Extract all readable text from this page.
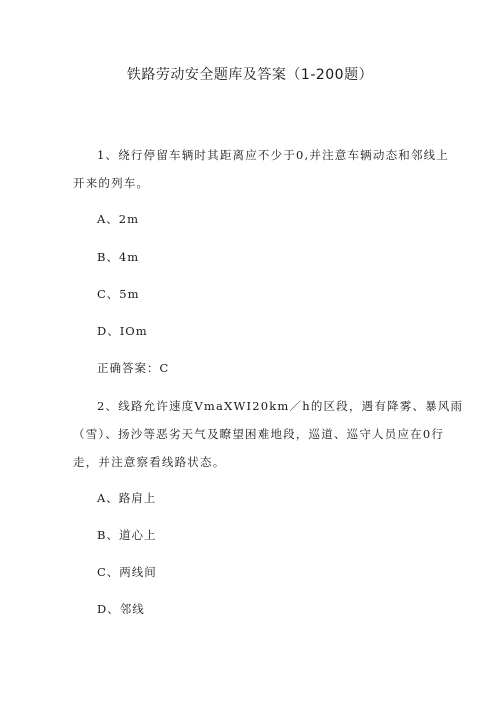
铁路劳动安全题库及答案（1-200题）
1、绕行停留车辆时其距离应不少于0,并注意车辆动态和邻线上
开来的列车。
A、2m
B、4m
C、5m
D、IOm
正确答案：C
2、线路允许速度VmaXWI20km／h的区段，遇有降雾、暴风雨
（雪）、扬沙等恶劣天气及瞭望困难地段，巡道、巡守人员应在0行
走，并注意察看线路状态。
A、路肩上
B、道心上
C、两线间
D、邻线
